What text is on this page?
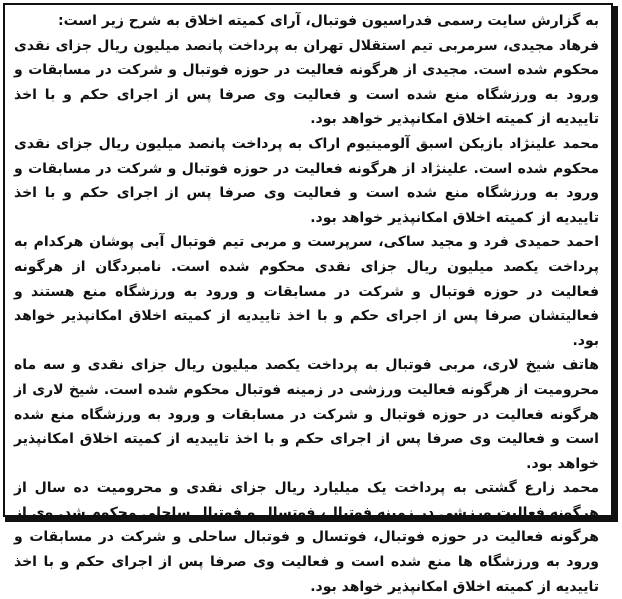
به گزارش سایت رسمی فدراسیون فوتبال، آرای کمیته اخلاق به شرح زیر است:

فرهاد مجیدی، سرمربی تیم استقلال تهران به پرداخت پانصد میلیون ریال جزای نقدی محکوم شده است. مجیدی از هرگونه فعالیت در حوزه فوتبال و شرکت در مسابقات و ورود به ورزشگاه منع شده است و فعالیت وی صرفا پس از اجرای حکم و با اخذ تاییدیه از کمیته اخلاق امکانپذیر خواهد بود.

محمد علینژاد بازیکن اسبق آلومینیوم اراک به پرداخت پانصد میلیون ریال جزای نقدی محکوم شده است. علینژاد از هرگونه فعالیت در حوزه فوتبال و شرکت در مسابقات و ورود به ورزشگاه منع شده است و فعالیت وی صرفا پس از اجرای حکم و با اخذ تاییدیه از کمیته اخلاق امکانپذیر خواهد بود.

احمد حمیدی فرد و مجید ساکی، سرپرست و مربی تیم فوتبال آبی پوشان هرکدام به پرداخت یکصد میلیون ریال جزای نقدی محکوم شده است. نامبردگان از هرگونه فعالیت در حوزه فوتبال و شرکت در مسابقات و ورود به ورزشگاه منع هستند و فعالیتشان صرفا پس از اجرای حکم و با اخذ تاییدیه از کمیته اخلاق امکانپذیر خواهد بود.

هاتف شیخ لاری، مربی فوتبال به پرداخت یکصد میلیون ریال جزای نقدی و سه ماه محرومیت از هرگونه فعالیت ورزشی در زمینه فوتبال محکوم شده است. شیخ لاری از هرگونه فعالیت در حوزه فوتبال و شرکت در مسابقات و ورود به ورزشگاه منع شده است و فعالیت وی صرفا پس از اجرای حکم و با اخذ تاییدیه از کمیته اخلاق امکانپذیر خواهد بود.

محمد زارع گشتی به پرداخت یک میلیارد ریال جزای نقدی و محرومیت ده سال از هرگونه فعالیت ورزشی در زمینه فوتبال، فوتسال و فوتبال ساحلی محکوم شد. وی از هرگونه فعالیت در حوزه فوتبال، فوتسال و فوتبال ساحلی و شرکت در مسابقات و ورود به ورزشگاه ها منع شده است و فعالیت وی صرفا پس از اجرای حکم و با اخذ تاییدیه از کمیته اخلاق امکانپذیر خواهد بود.
